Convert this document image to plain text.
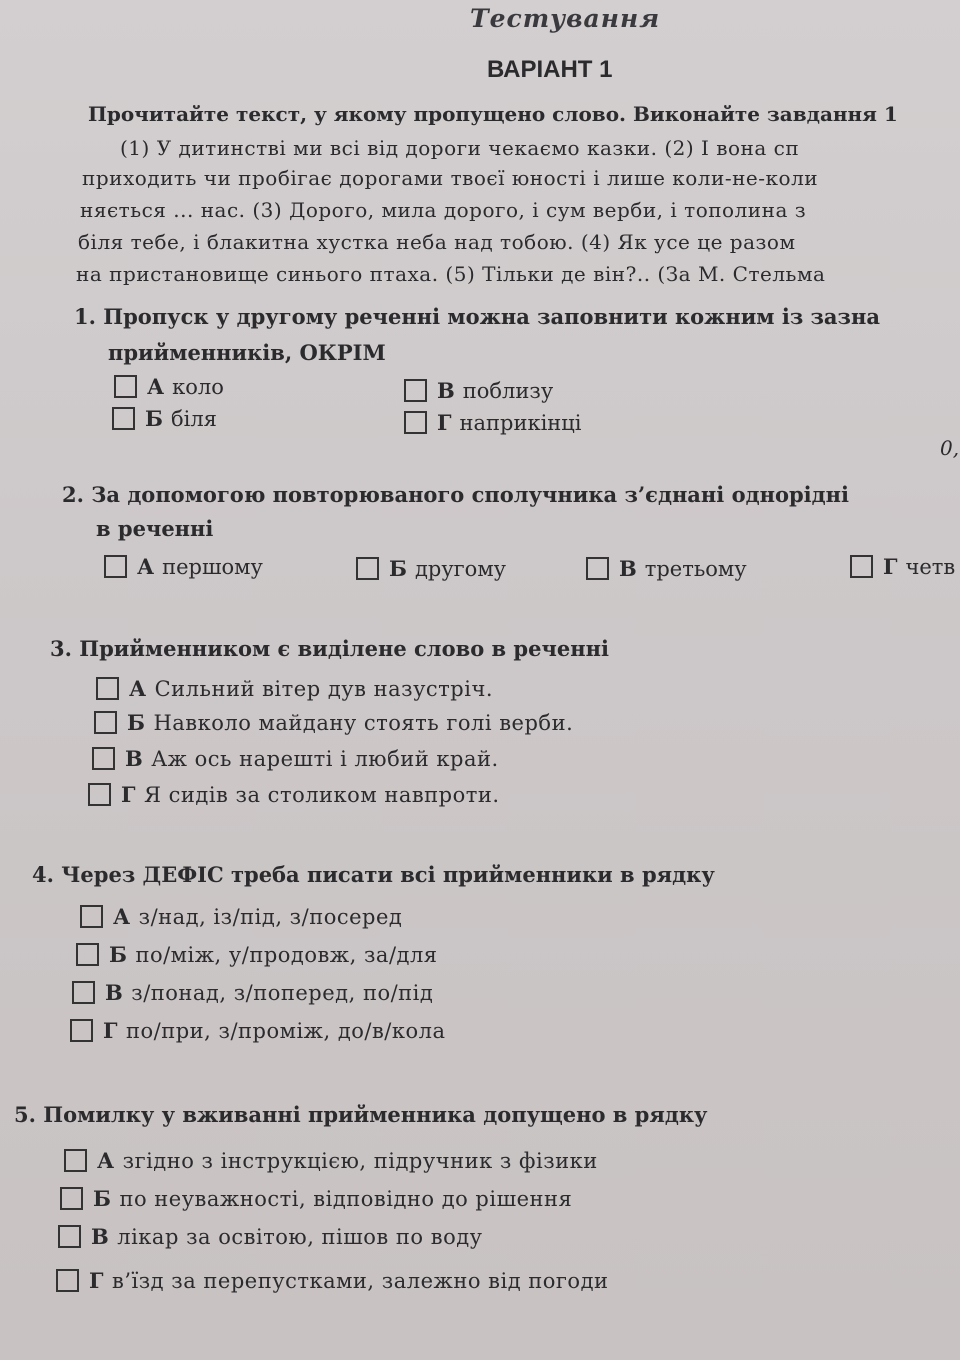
Тестування
ВАРІАНТ 1
Прочитайте текст, у якому пропущено слово. Виконайте завдання 1
(1) У дитинстві ми всі від дороги чекаємо казки. (2) І вона сп
приходить чи пробігає дорогами твоєї юності і лише коли-не-коли
няється ... нас. (3) Дорого, мила дорого, і сум верби, і тополина з
біля тебе, і блакитна хустка неба над тобою. (4) Як усе це разом
на пристановище синього птаха. (5) Тільки де він?.. (За М. Стельма
1. Пропуск у другому реченні можна заповнити кожним із зазна
прийменників, ОКРІМ
А коло
Б біля
В поблизу
Г наприкінці
0,
2. За допомогою повторюваного сполучника з’єднані однорідні
в реченні
А першому	Б другому	В третьому	Г четв
3. Прийменником є виділене слово в реченні
А Сильний вітер дув назустріч.
Б Навколо майдану стоять голі верби.
В Аж ось нарешті і любий край.
Г Я сидів за столиком навпроти.
4. Через ДЕФІС треба писати всі прийменники в рядку
А з/над, із/під, з/посеред
Б по/між, у/продовж, за/для
В з/понад, з/поперед, по/під
Г по/при, з/проміж, до/в/кола
5. Помилку у вживанні прийменника допущено в рядку
А згідно з інструкцією, підручник з фізики
Б по неуважності, відповідно до рішення
В лікар за освітою, пішов по воду
Г в’їзд за перепустками, залежно від погоди
